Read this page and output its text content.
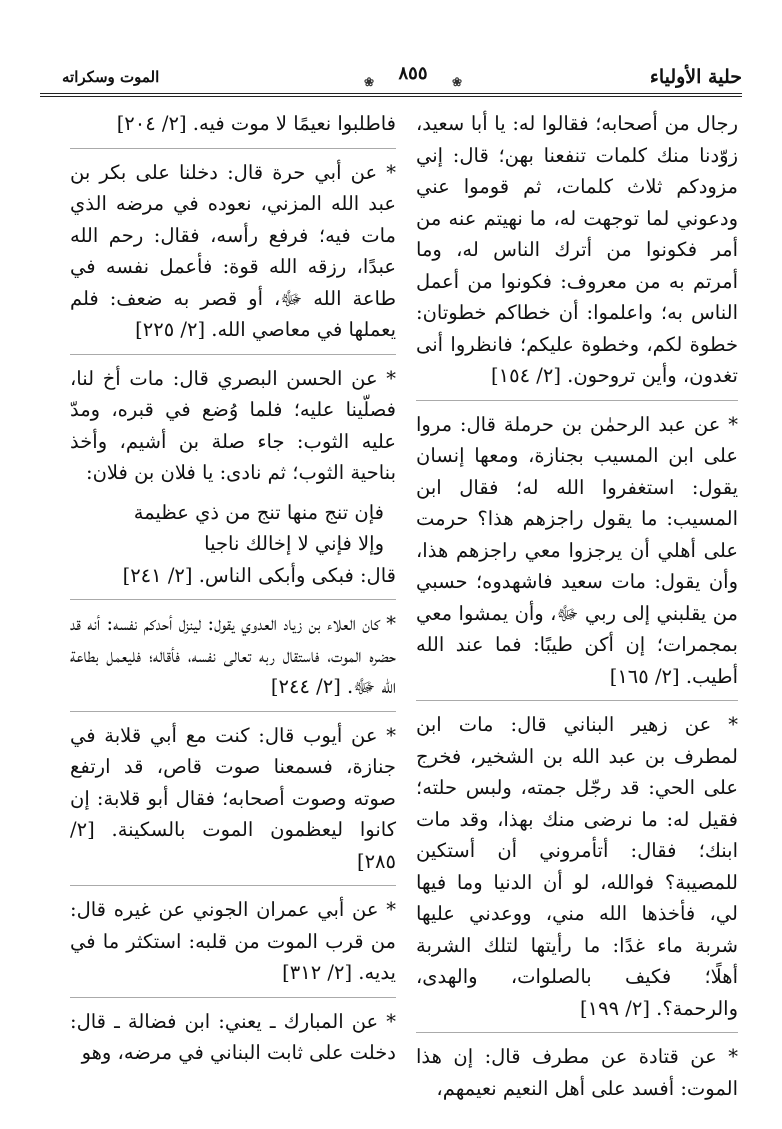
حلية الأولياء
❀ ٨٥٥ ❀
الموت وسكراته

رجال من أصحابه؛ فقالوا له: يا أبا سعيد، زوّدنا منك كلمات تنفعنا بهن؛ قال: إني مزودكم ثلاث كلمات، ثم قوموا عني ودعوني لما توجهت له، ما نهيتم عنه من أمر فكونوا من أترك الناس له، وما أمرتم به من معروف: فكونوا من أعمل الناس به؛ واعلموا: أن خطاكم خطوتان: خطوة لكم، وخطوة عليكم؛ فانظروا أنى تغدون، وأين تروحون. [٢/ ١٥٤]

* عن عبد الرحمٰن بن حرملة قال: مروا على ابن المسيب بجنازة، ومعها إنسان يقول: استغفروا الله له؛ فقال ابن المسيب: ما يقول راجزهم هذا؟ حرمت على أهلي أن يرجزوا معي راجزهم هذا، وأن يقول: مات سعيد فاشهدوه؛ حسبي من يقلبني إلى ربي ﷻ، وأن يمشوا معي بمجمرات؛ إن أكن طيبًا: فما عند الله أطيب. [٢/ ١٦٥]

* عن زهير البناني قال: مات ابن لمطرف بن عبد الله بن الشخير، فخرج على الحي: قد رجّل جمته، ولبس حلته؛ فقيل له: ما نرضى منك بهذا، وقد مات ابنك؛ فقال: أتأمروني أن أستكين للمصيبة؟ فوالله، لو أن الدنيا وما فيها لي، فأخذها الله مني، ووعدني عليها شربة ماء غدًا: ما رأيتها لتلك الشربة أهلًا؛ فكيف بالصلوات، والهدى، والرحمة؟. [٢/ ١٩٩]

* عن قتادة عن مطرف قال: إن هذا الموت: أفسد على أهل النعيم نعيمهم،

فاطلبوا نعيمًا لا موت فيه. [٢/ ٢٠٤]

* عن أبي حرة قال: دخلنا على بكر بن عبد الله المزني، نعوده في مرضه الذي مات فيه؛ فرفع رأسه، فقال: رحم الله عبدًا، رزقه الله قوة: فأعمل نفسه في طاعة الله ﷻ، أو قصر به ضعف: فلم يعملها في معاصي الله. [٢/ ٢٢٥]

* عن الحسن البصري قال: مات أخ لنا، فصلّينا عليه؛ فلما وُضع في قبره، ومدّ عليه الثوب: جاء صلة بن أشيم، وأخذ بناحية الثوب؛ ثم نادى: يا فلان بن فلان:

فإن تنج منها تنج من ذي عظيمة
وإلا فإني لا إخالك ناجيا

قال: فبكى وأبكى الناس. [٢/ ٢٤١]

* كان العلاء بن زياد العدوي يقول: لينزل أحدكم نفسه: أنه قد حضره الموت، فاستقال ربه تعالى نفسه، فأقاله؛ فليعمل بطاعة الله ﷻ. [٢/ ٢٤٤]

* عن أيوب قال: كنت مع أبي قلابة في جنازة، فسمعنا صوت قاص، قد ارتفع صوته وصوت أصحابه؛ فقال أبو قلابة: إن كانوا ليعظمون الموت بالسكينة. [٢/ ٢٨٥]

* عن أبي عمران الجوني عن غيره قال: من قرب الموت من قلبه: استكثر ما في يديه. [٢/ ٣١٢]

* عن المبارك ـ يعني: ابن فضالة ـ قال: دخلت على ثابت البناني في مرضه، وهو
